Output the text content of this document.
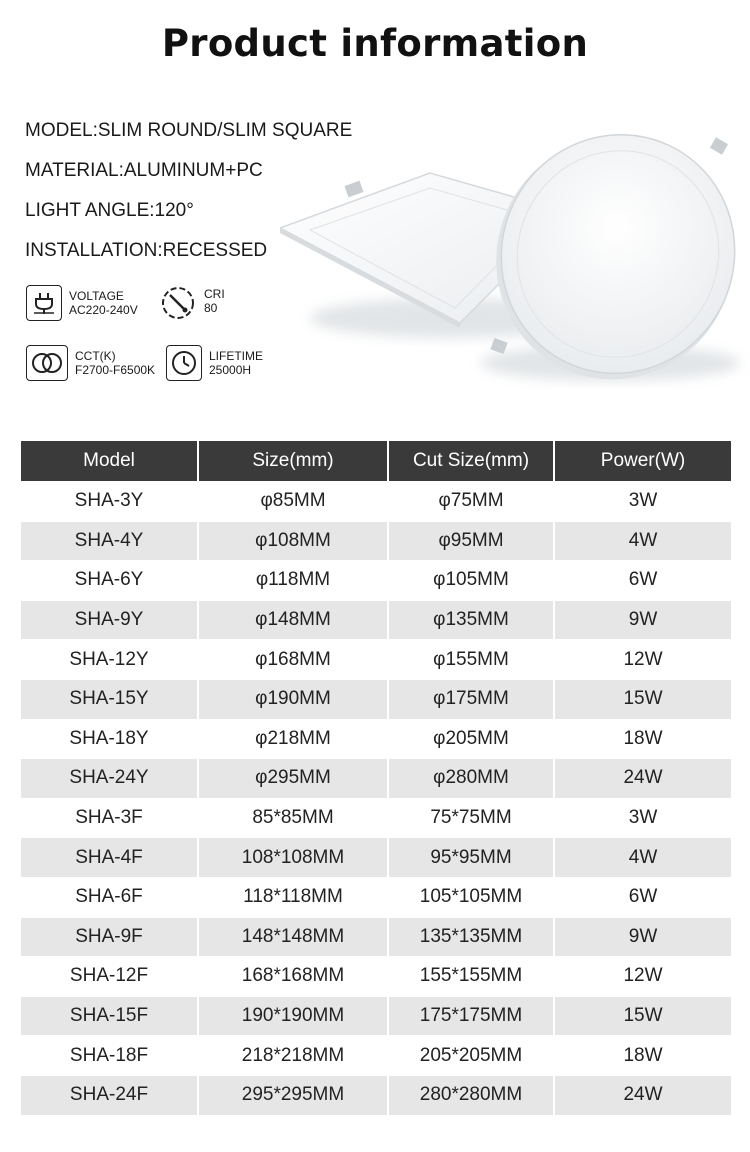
Product information
MODEL:SLIM ROUND/SLIM SQUARE
MATERIAL:ALUMINUM+PC
LIGHT ANGLE:120°
INSTALLATION:RECESSED
VOLTAGE
AC220-240V
CRI
80
CCT(K)
F2700-F6500K
LIFETIME
25000H
Model	Size(mm)	Cut Size(mm)	Power(W)
SHA-3Y	φ85MM	φ75MM	3W
SHA-4Y	φ108MM	φ95MM	4W
SHA-6Y	φ118MM	φ105MM	6W
SHA-9Y	φ148MM	φ135MM	9W
SHA-12Y	φ168MM	φ155MM	12W
SHA-15Y	φ190MM	φ175MM	15W
SHA-18Y	φ218MM	φ205MM	18W
SHA-24Y	φ295MM	φ280MM	24W
SHA-3F	85*85MM	75*75MM	3W
SHA-4F	108*108MM	95*95MM	4W
SHA-6F	118*118MM	105*105MM	6W
SHA-9F	148*148MM	135*135MM	9W
SHA-12F	168*168MM	155*155MM	12W
SHA-15F	190*190MM	175*175MM	15W
SHA-18F	218*218MM	205*205MM	18W
SHA-24F	295*295MM	280*280MM	24W
